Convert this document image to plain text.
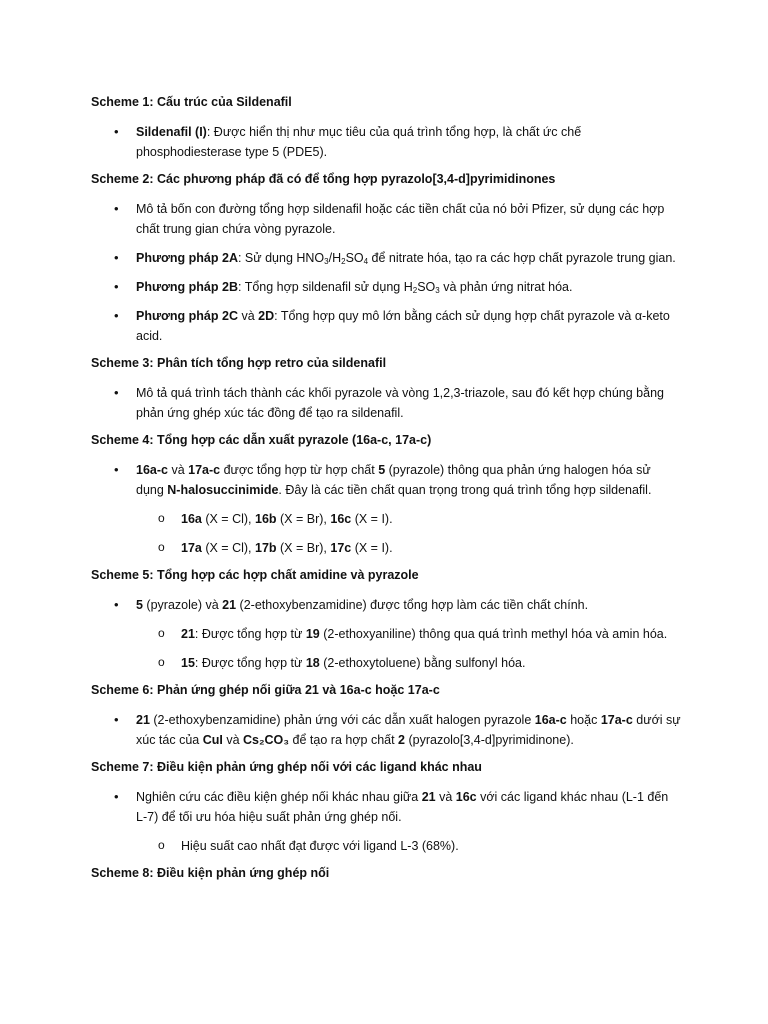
Scheme 1: Cấu trúc của Sildenafil
• Sildenafil (I): Được hiển thị như mục tiêu của quá trình tổng hợp, là chất ức chế phosphodiesterase type 5 (PDE5).
Scheme 2: Các phương pháp đã có để tổng hợp pyrazolo[3,4-d]pyrimidinones
• Mô tả bốn con đường tổng hợp sildenafil hoặc các tiền chất của nó bởi Pfizer, sử dụng các hợp chất trung gian chứa vòng pyrazole.
• Phương pháp 2A: Sử dụng $HNO_3/H_2SO_4$ để nitrate hóa, tạo ra các hợp chất pyrazole trung gian.
• Phương pháp 2B: Tổng hợp sildenafil sử dụng $H_2SO_3$ và phản ứng nitrat hóa.
• Phương pháp 2C và 2D: Tổng hợp quy mô lớn bằng cách sử dụng hợp chất pyrazole và α-keto acid.
Scheme 3: Phân tích tổng hợp retro của sildenafil
• Mô tả quá trình tách thành các khối pyrazole và vòng 1,2,3-triazole, sau đó kết hợp chúng bằng phản ứng ghép xúc tác đồng để tạo ra sildenafil.
Scheme 4: Tổng hợp các dẫn xuất pyrazole (16a-c, 17a-c)
• 16a-c và 17a-c được tổng hợp từ hợp chất 5 (pyrazole) thông qua phản ứng halogen hóa sử dụng N-halosuccinimide. Đây là các tiền chất quan trọng trong quá trình tổng hợp sildenafil.
o 16a (X = Cl), 16b (X = Br), 16c (X = I).
o 17a (X = Cl), 17b (X = Br), 17c (X = I).
Scheme 5: Tổng hợp các hợp chất amidine và pyrazole
• 5 (pyrazole) và 21 (2-ethoxybenzamidine) được tổng hợp làm các tiền chất chính.
o 21: Được tổng hợp từ 19 (2-ethoxyaniline) thông qua quá trình methyl hóa và amin hóa.
o 15: Được tổng hợp từ 18 (2-ethoxytoluene) bằng sulfonyl hóa.
Scheme 6: Phản ứng ghép nối giữa 21 và 16a-c hoặc 17a-c
• 21 (2-ethoxybenzamidine) phản ứng với các dẫn xuất halogen pyrazole 16a-c hoặc 17a-c dưới sự xúc tác của CuI và Cs₂CO₃ để tạo ra hợp chất 2 (pyrazolo[3,4-d]pyrimidinone).
Scheme 7: Điều kiện phản ứng ghép nối với các ligand khác nhau
• Nghiên cứu các điều kiện ghép nối khác nhau giữa 21 và 16c với các ligand khác nhau (L-1 đến L-7) để tối ưu hóa hiệu suất phản ứng ghép nối.
o Hiệu suất cao nhất đạt được với ligand L-3 (68%).
Scheme 8: Điều kiện phản ứng ghép nối
